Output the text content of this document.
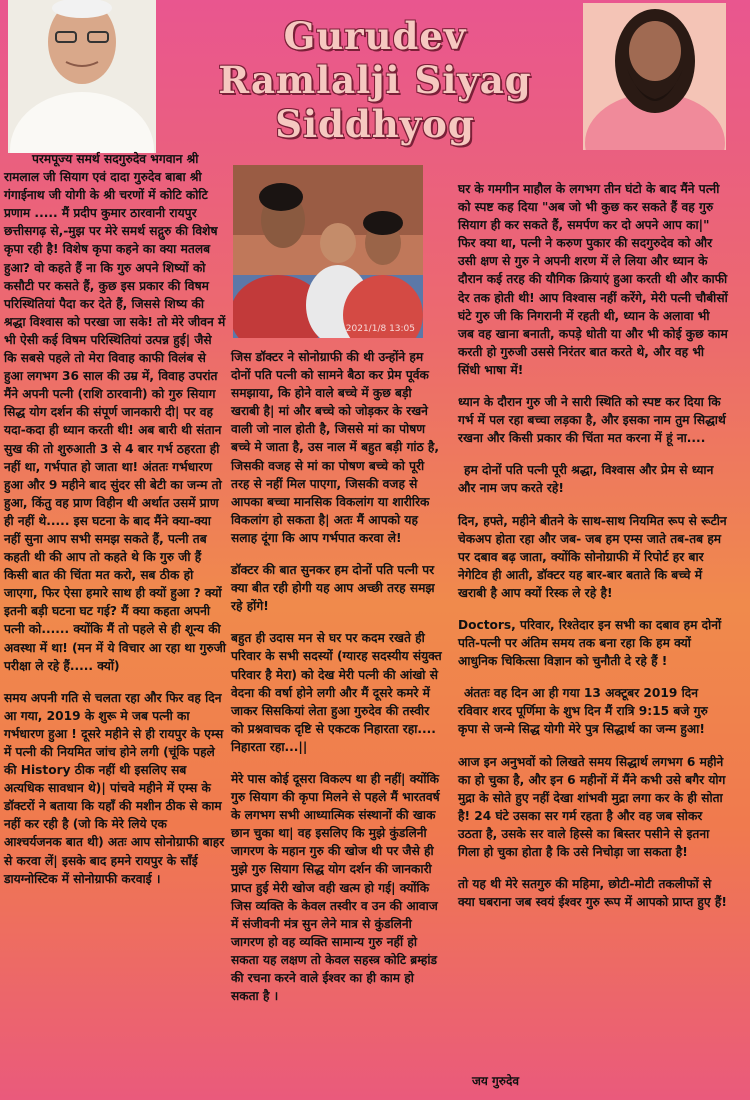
Gurudev
Ramlalji Siyag
Siddhyog
2021/1/8 13:05

परमपूज्य समर्थ सदगुरुदेव भगवान श्री रामलाल जी सियाग एवं दादा गुरुदेव बाबा श्री गंगाईनाथ जी योगी के श्री चरणों में कोटि कोटि प्रणाम ..... मैं प्रदीप कुमार ठारवानी रायपुर छत्तीसगढ़ से,-मुझ पर मेरे समर्थ सद्गुरु की विशेष कृपा रही है! विशेष कृपा कहने का क्या मतलब हुआ? वो कहते हैं ना कि गुरु अपने शिष्यों को कसौटी पर कसते हैं, कुछ इस प्रकार की विषम परिस्थितियां पैदा कर देते हैं, जिससे शिष्य की श्रद्धा विश्वास को परखा जा सके! तो मेरे जीवन में भी ऐसी कई विषम परिस्थितियां उत्पन्न हुई| जैसे कि सबसे पहले तो मेरा विवाह काफी विलंब से हुआ लगभग 36 साल की उम्र में, विवाह उपरांत मैंने अपनी पत्नी (राशि ठारवानी) को गुरु सियाग सिद्ध योग दर्शन की संपूर्ण जानकारी दी| पर वह यदा-कदा ही ध्यान करती थी! अब बारी थी संतान सुख की तो शुरुआती 3 से 4 बार गर्भ ठहरता ही नहीं था, गर्भपात हो जाता था! अंततः गर्भधारण हुआ और 9 महीने बाद सुंदर सी बेटी का जन्म तो हुआ, किंतु वह प्राण विहीन थी अर्थात उसमें प्राण ही नहीं थे..... इस घटना के बाद मैंने क्या-क्या नहीं सुना आप सभी समझ सकते हैं, पत्नी तब कहती थी की आप तो कहते थे कि गुरु जी हैं किसी बात की चिंता मत करो, सब ठीक हो जाएगा, फिर ऐसा हमारे साथ ही क्यों हुआ ? क्यों इतनी बड़ी घटना घट गई? मैं क्या कहता अपनी पत्नी को...... क्योंकि मैं तो पहले से ही शून्य की अवस्था में था! (मन में ये विचार आ रहा था गुरुजी परीक्षा ले रहे हैं..... क्यों)

समय अपनी गति से चलता रहा और फिर वह दिन आ गया, 2019 के शुरू मे जब पत्नी का गर्भधारण हुआ ! दूसरे महीने से ही रायपुर के एम्स में पत्नी की नियमित जांच होने लगी (चूंकि पहले की History ठीक नहीं थी इसलिए सब अत्यधिक सावधान थे)| पांचवे महीने में एम्स के डॉक्टरों ने बताया कि यहाँ की मशीन ठीक से काम नहीं कर रही है (जो कि मेरे लिये एक आश्चर्यजनक बात थी) अतः आप सोनोग्राफी बाहर से करवा लें| इसके बाद हमने रायपुर के साँई डायग्नोस्टिक में सोनोग्राफी करवाई ।

जिस डॉक्टर ने सोनोग्राफी की थी उन्होंने हम दोनों पति पत्नी को सामने बैठा कर प्रेम पूर्वक समझाया, कि होने वाले बच्चे में कुछ बड़ी खराबी है| मां और बच्चे को जोड़कर के रखने वाली जो नाल होती है, जिससे मां का पोषण बच्चे मे जाता है, उस नाल में बहुत बड़ी गांठ है, जिसकी वजह से मां का पोषण बच्चे को पूरी तरह से नहीं मिल पाएगा, जिसकी वजह से आपका बच्चा मानसिक विकलांग या शारीरिक विकलांग हो सकता है| अतः मैं आपको यह सलाह दूंगा कि आप गर्भपात करवा ले!

डॉक्टर की बात सुनकर हम दोनों पति पत्नी पर क्या बीत रही होगी यह आप अच्छी तरह समझ रहे होंगे!

बहुत ही उदास मन से घर पर कदम रखते ही परिवार के सभी सदस्यों (ग्यारह सदस्यीय संयुक्त परिवार है मेरा) को देख मेरी पत्नी की आंखो से वेदना की वर्षा होने लगी और मैं दूसरे कमरे में जाकर सिसकियां लेता हुआ गुरुदेव की तस्वीर को प्रश्नवाचक दृष्टि से एकटक निहारता रहा.... निहारता रहा...||

मेरे पास कोई दूसरा विकल्प था ही नहीं| क्योंकि गुरु सियाग की कृपा मिलने से पहले मैं भारतवर्ष के लगभग सभी आध्यात्मिक संस्थानों की खाक छान चुका था| वह इसलिए कि मुझे कुंडलिनी जागरण के महान गुरु की खोज थी पर जैसे ही मुझे गुरु सियाग सिद्ध योग दर्शन की जानकारी प्राप्त हुई मेरी खोज वही खत्म हो गई| क्योंकि जिस व्यक्ति के केवल तस्वीर व उन की आवाज में संजीवनी मंत्र सुन लेने मात्र से कुंडलिनी जागरण हो वह व्यक्ति सामान्य गुरु नहीं हो सकता यह लक्षण तो केवल सहस्त्र कोटि ब्रम्हांड की रचना करने वाले ईश्वर का ही काम हो सकता है ।

घर के गमगीन माहौल के लगभग तीन घंटो के बाद मैंने पत्नी को स्पष्ट कह दिया "अब जो भी कुछ कर सकते हैं वह गुरु सियाग ही कर सकते हैं, समर्पण कर दो अपने आप का|" फिर क्या था, पत्नी ने करुण पुकार की सदगुरुदेव को और उसी क्षण से गुरु ने अपनी शरण में ले लिया और ध्यान के दौरान कई तरह की यौगिक क्रियाएं हुआ करती थी और काफी देर तक होती थी! आप विश्वास नहीं करेंगे, मेरी पत्नी चौबीसों घंटे गुरु जी कि निगरानी में रहती थी, ध्यान के अलावा भी जब वह खाना बनाती, कपड़े धोती या और भी कोई कुछ काम करती हो गुरुजी उससे निरंतर बात करते थे, और वह भी सिंधी भाषा में!

ध्यान के दौरान गुरु जी ने सारी स्थिति को स्पष्ट कर दिया कि गर्भ में पल रहा बच्चा लड़का है, और इसका नाम तुम सिद्धार्थ रखना और किसी प्रकार की चिंता मत करना में हूं ना....

हम दोनों पति पत्नी पूरी श्रद्धा, विश्वास और प्रेम से ध्यान और नाम जप करते रहे!

दिन, हफ्ते, महीने बीतने के साथ-साथ नियमित रूप से रूटीन चेकअप होता रहा और जब- जब हम एम्स जाते तब-तब हम पर दबाव बढ़ जाता, क्योंकि सोनोग्राफी में रिपोर्ट हर बार नेगेटिव ही आती, डॉक्टर यह बार-बार बताते कि बच्चे में खराबी है आप क्यों रिस्क ले रहे है!

Doctors, परिवार, रिश्तेदार इन सभी का दबाव हम दोनों पति-पत्नी पर अंतिम समय तक बना रहा कि हम क्यों आधुनिक चिकित्सा विज्ञान को चुनौती दे रहे हैं !

अंततः वह दिन आ ही गया 13 अक्टूबर 2019 दिन रविवार शरद पूर्णिमा के शुभ दिन मैं रात्रि 9:15 बजे गुरु कृपा से जन्मे सिद्ध योगी मेरे पुत्र सिद्धार्थ का जन्म हुआ!

आज इन अनुभवों को लिखते समय सिद्धार्थ लगभग 6 महीने का हो चुका है, और इन 6 महीनों में मैंने कभी उसे बगैर योग मुद्रा के सोते हुए नहीं देखा शांभवी मुद्रा लगा कर के ही सोता है! 24 घंटे उसका सर गर्म रहता है और वह जब सोकर उठता है, उसके सर वाले हिस्से का बिस्तर पसीने से इतना गिला हो चुका होता है कि उसे निचोड़ा जा सकता है!

तो यह थी मेरे सतगुरु की महिमा, छोटी-मोटी तकलीफों से क्या घबराना जब स्वयं ईश्वर गुरु रूप में आपको प्राप्त हुए हैं!

जय गुरुदेव
